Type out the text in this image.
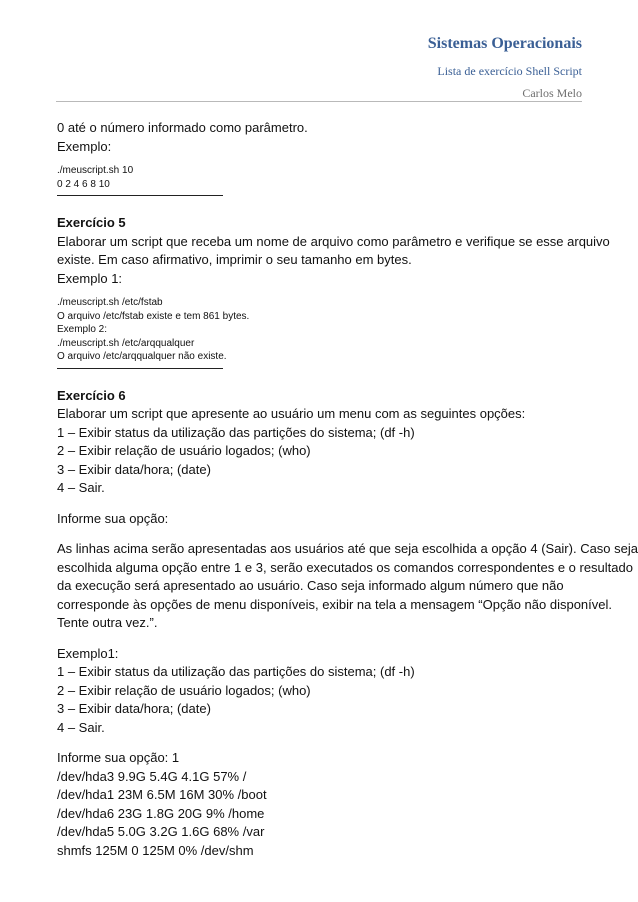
Sistemas Operacionais
Lista de exercício Shell Script
Carlos Melo
0 até o número informado como parâmetro.
Exemplo:
./meuscript.sh 10
0 2 4 6 8 10
Exercício 5
Elaborar um script que receba um nome de arquivo como parâmetro e verifique se esse arquivo
existe. Em caso afirmativo, imprimir o seu tamanho em bytes.
Exemplo 1:
./meuscript.sh /etc/fstab
O arquivo /etc/fstab existe e tem 861 bytes.
Exemplo 2:
./meuscript.sh /etc/arqqualquer
O arquivo /etc/arqqualquer não existe.
Exercício 6
Elaborar um script que apresente ao usuário um menu com as seguintes opções:
1 – Exibir status da utilização das partições do sistema; (df -h)
2 – Exibir relação de usuário logados; (who)
3 – Exibir data/hora; (date)
4 – Sair.
Informe sua opção:
As linhas acima serão apresentadas aos usuários até que seja escolhida a opção 4 (Sair). Caso seja
escolhida alguma opção entre 1 e 3, serão executados os comandos correspondentes e o resultado
da execução será apresentado ao usuário. Caso seja informado algum número que não
corresponde às opções de menu disponíveis, exibir na tela a mensagem “Opção não disponível.
Tente outra vez.”.
Exemplo1:
1 – Exibir status da utilização das partições do sistema; (df -h)
2 – Exibir relação de usuário logados; (who)
3 – Exibir data/hora; (date)
4 – Sair.
Informe sua opção: 1
/dev/hda3 9.9G 5.4G 4.1G 57% /
/dev/hda1 23M 6.5M 16M 30% /boot
/dev/hda6 23G 1.8G 20G 9% /home
/dev/hda5 5.0G 3.2G 1.6G 68% /var
shmfs 125M 0 125M 0% /dev/shm
